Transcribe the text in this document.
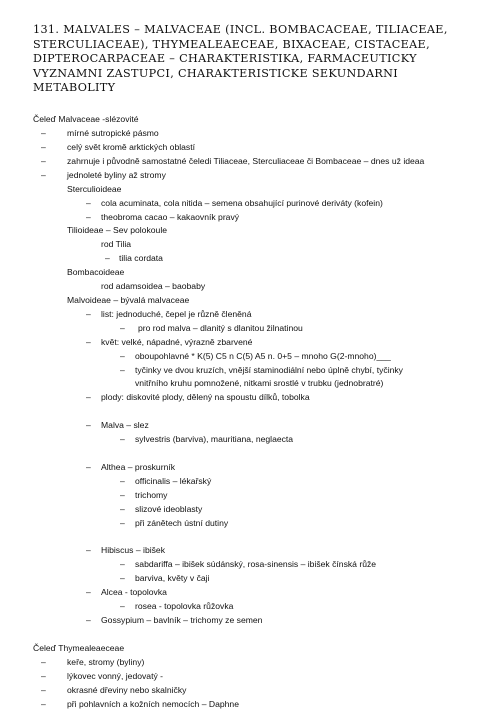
131. MALVALES – MALVACEAE (INCL. BOMBACACEAE, TILIACEAE,
STERCULIACEAE), THYMEALEAECEAE, BIXACEAE, CISTACEAE,
DIPTEROCARPACEAE – CHARAKTERISTIKA, FARMACEUTICKY
VYZNAMNI ZASTUPCI, CHARAKTERISTICKE SEKUNDARNI
METABOLITY
Čeleď Malvaceae -slézovité
– mírné sutropické pásmo
– celý svět kromě arktických oblastí
– zahrnuje i původně samostatné čeledi Tiliaceae, Sterculiaceae či Bombaceae – dnes už ideaa
– jednoleté byliny až stromy
Sterculioideae
– cola acuminata, cola nitida – semena obsahující purinové deriváty (kofein)
– theobroma cacao – kakaovník pravý
Tilioideae – Sev polokoule
rod Tilia
– tilia cordata
Bombacoideae
rod adamsoidea – baobaby
Malvoideae – bývalá malvaceae
– list: jednoduché, čepel je různě členěná
– pro rod malva – dlanitý s dlanitou žilnatinou
– květ: velké, nápadné, výrazně zbarvené
– oboupohlavné * K(5) C5 n C(5) A5 n. 0+5 – mnoho G(2-mnoho)___
– tyčinky ve dvou kruzích, vnější staminodiální nebo úplně chybí, tyčinky
vnitřního kruhu pomnožené, nitkami srostlé v trubku (jednobratré)
– plody: diskovité plody, dělený na spoustu dílků, tobolka
– Malva – slez
– sylvestris (barviva), mauritiana, neglaecta
– Althea – proskurník
– officinalis – lékařský
– trichomy
– slizové ideoblasty
– při zánětech ústní dutiny
– Hibiscus – ibišek
– sabdariffa – ibišek súdánský, rosa-sinensis – ibišek čínská růže
– barviva, květy v čaji
– Alcea - topolovka
– rosea - topolovka růžovka
– Gossypium – bavlník – trichomy ze semen
Čeleď Thymealeaeceae
– keře, stromy (byliny)
– lýkovec vonný, jedovatý -
– okrasné dřeviny nebo skalničky
– při pohlavních a kožních nemocích – Daphne
